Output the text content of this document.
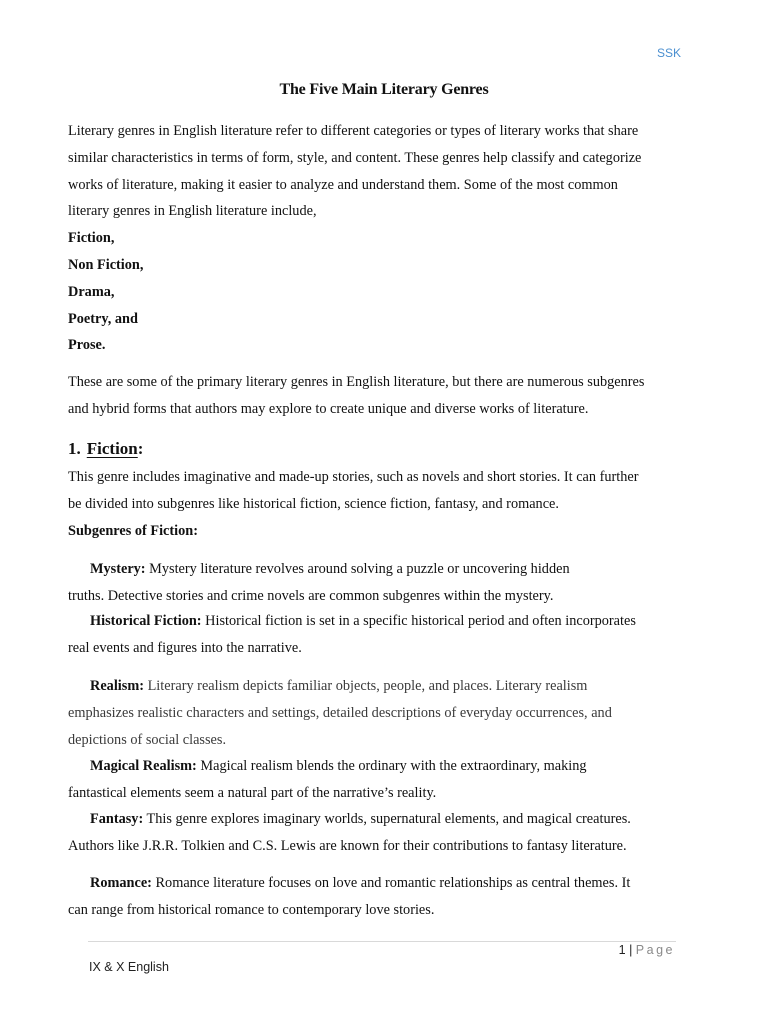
SSK
The Five Main Literary Genres
Literary genres in English literature refer to different categories or types of literary works that share
similar characteristics in terms of form, style, and content. These genres help classify and categorize
works of literature, making it easier to analyze and understand them. Some of the most common
literary genres in English literature include,
Fiction,
Non Fiction,
Drama,
Poetry, and
Prose.
These are some of the primary literary genres in English literature, but there are numerous subgenres
and hybrid forms that authors may explore to create unique and diverse works of literature.
1. Fiction:
This genre includes imaginative and made-up stories, such as novels and short stories. It can further
be divided into subgenres like historical fiction, science fiction, fantasy, and romance.
Subgenres of Fiction:
Mystery: Mystery literature revolves around solving a puzzle or uncovering hidden
truths. Detective stories and crime novels are common subgenres within the mystery.
Historical Fiction: Historical fiction is set in a specific historical period and often incorporates
real events and figures into the narrative.
Realism: Literary realism depicts familiar objects, people, and places. Literary realism
emphasizes realistic characters and settings, detailed descriptions of everyday occurrences, and
depictions of social classes.
Magical Realism: Magical realism blends the ordinary with the extraordinary, making
fantastical elements seem a natural part of the narrative’s reality.
Fantasy: This genre explores imaginary worlds, supernatural elements, and magical creatures.
Authors like J.R.R. Tolkien and C.S. Lewis are known for their contributions to fantasy literature.
Romance: Romance literature focuses on love and romantic relationships as central themes. It
can range from historical romance to contemporary love stories.
1 | Page
IX & X English
